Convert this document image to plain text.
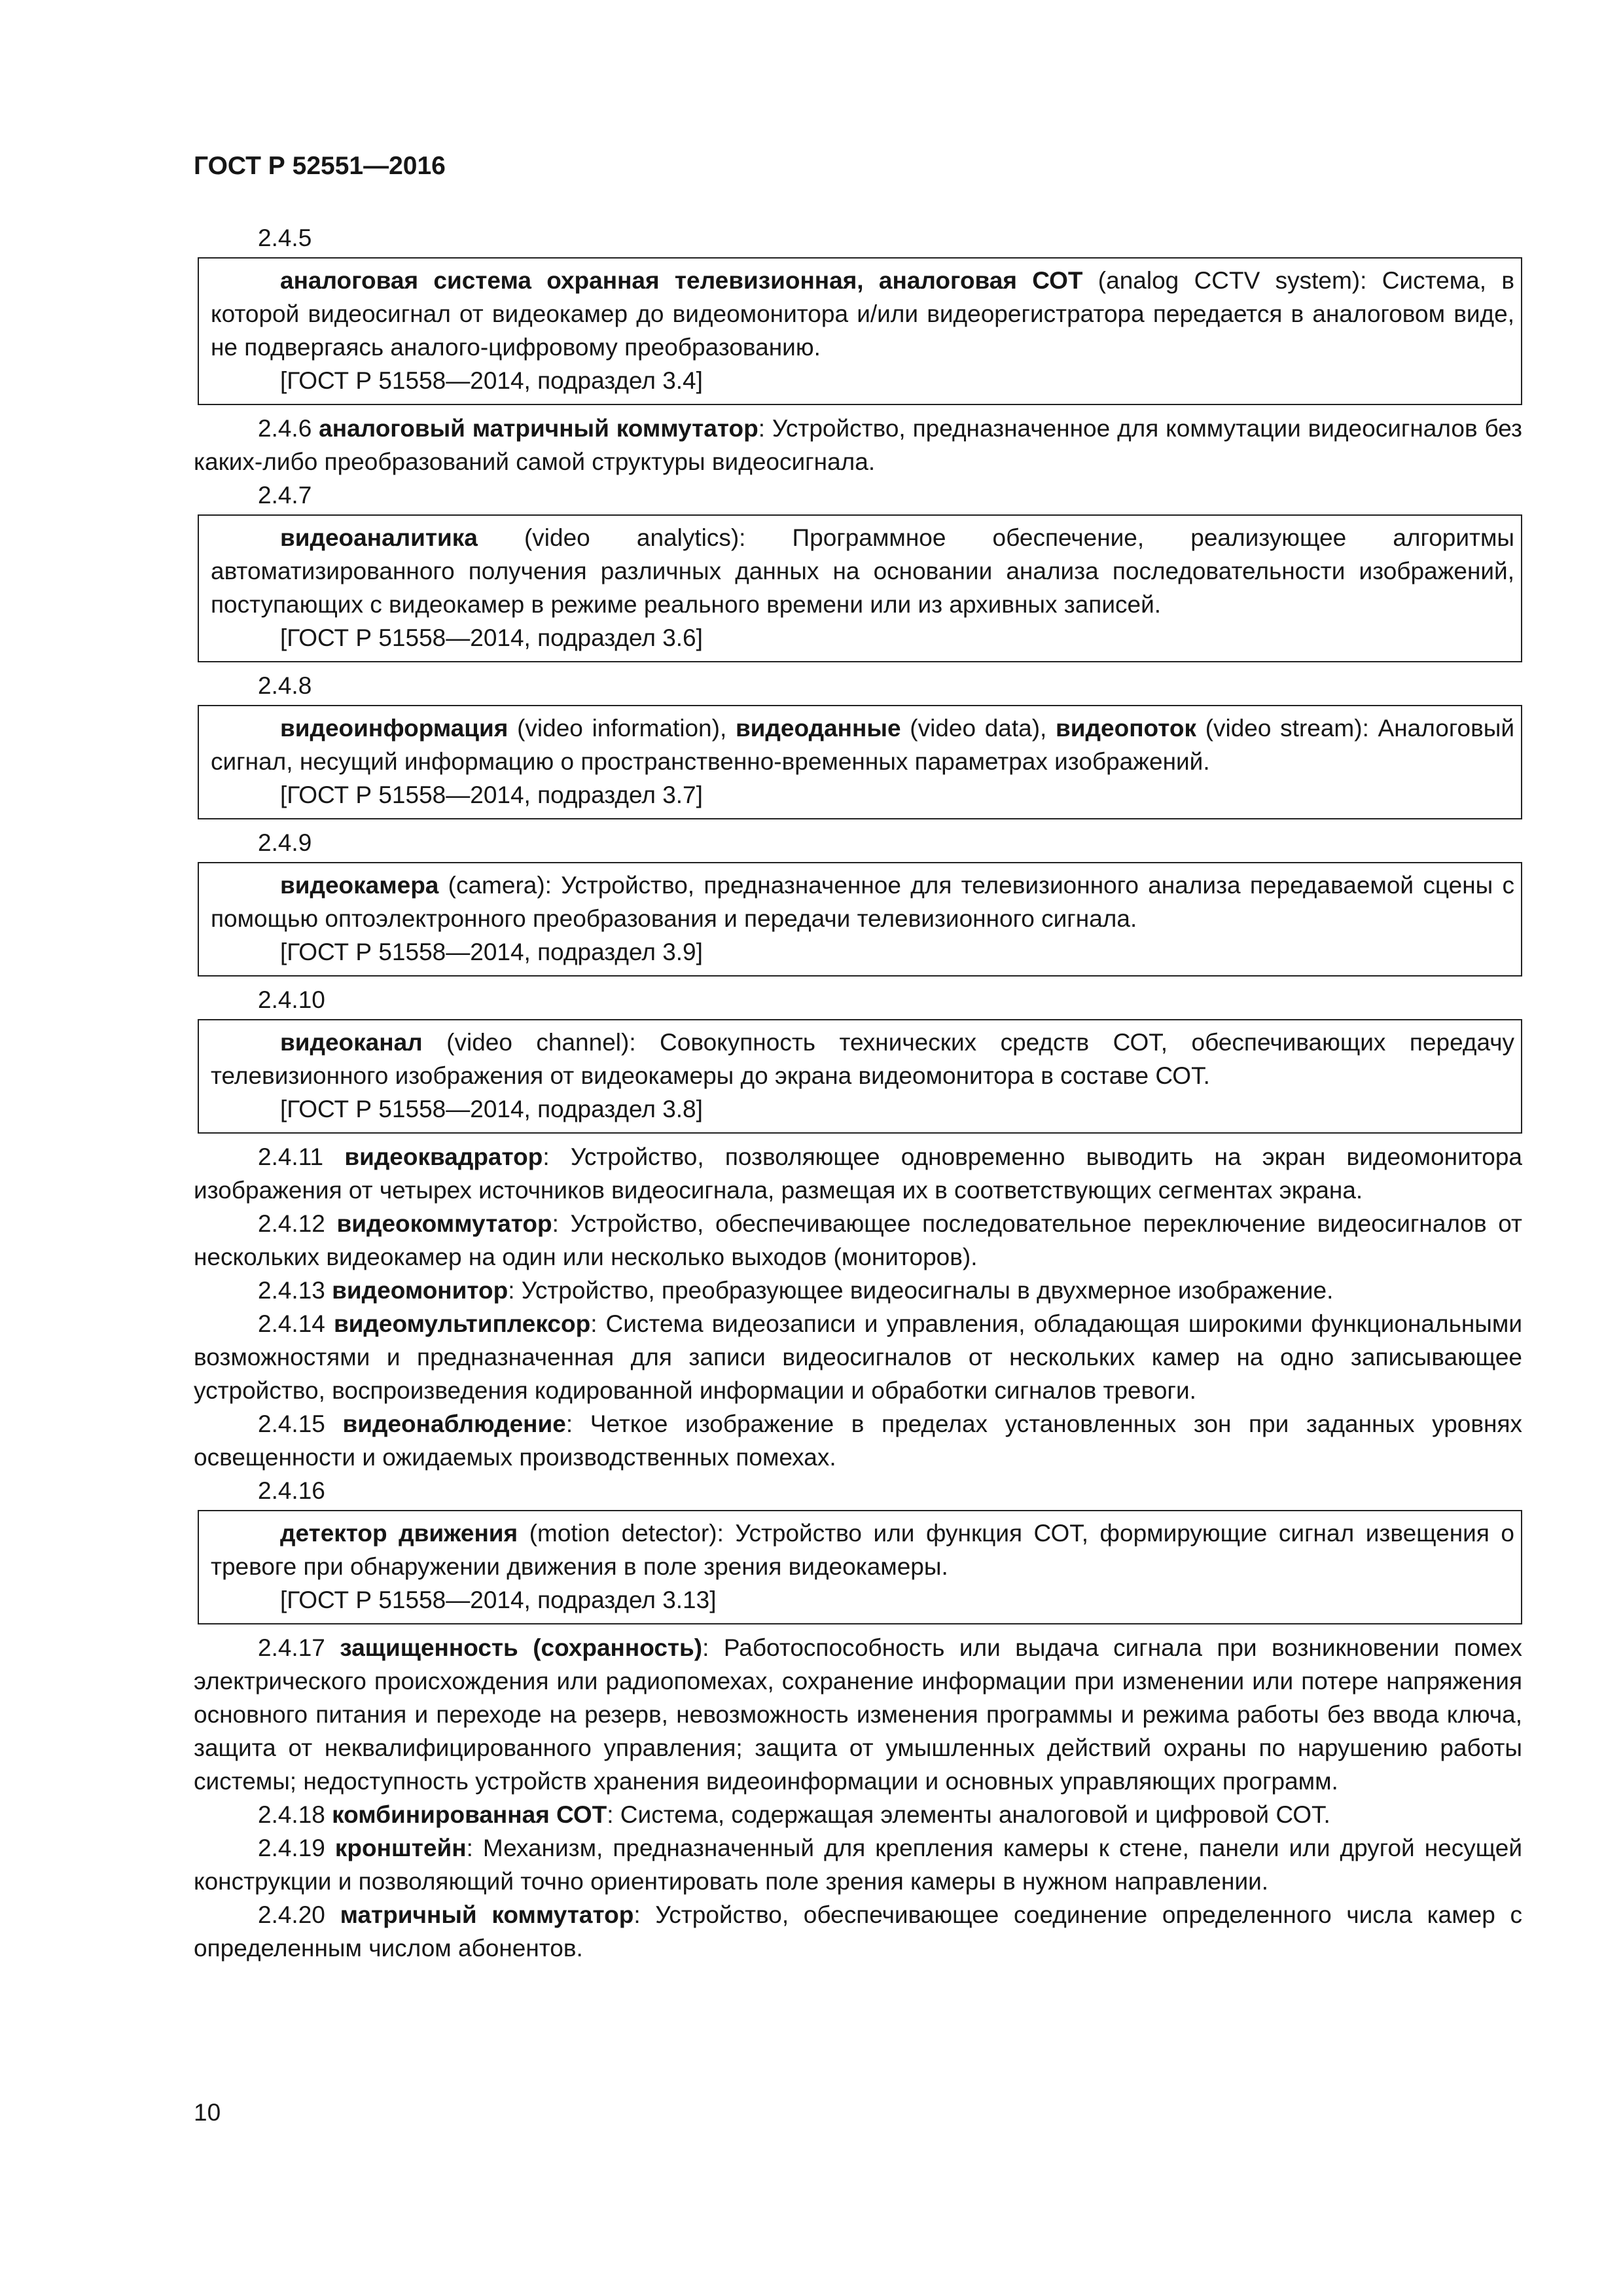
ГОСТ Р 52551—2016
2.4.5
аналоговая система охранная телевизионная, аналоговая СОТ (analog CCTV system): Система, в которой видеосигнал от видеокамер до видеомонитора и/или видеорегистратора передается в аналоговом виде, не подвергаясь аналого-цифровому преобразованию.
[ГОСТ Р 51558—2014, подраздел 3.4]
2.4.6 аналоговый матричный коммутатор: Устройство, предназначенное для коммутации видеосигналов без каких-либо преобразований самой структуры видеосигнала.
2.4.7
видеоаналитика (video analytics): Программное обеспечение, реализующее алгоритмы автоматизированного получения различных данных на основании анализа последовательности изображений, поступающих с видеокамер в режиме реального времени или из архивных записей.
[ГОСТ Р 51558—2014, подраздел 3.6]
2.4.8
видеоинформация (video information), видеоданные (video data), видеопоток (video stream): Аналоговый сигнал, несущий информацию о пространственно-временных параметрах изображений.
[ГОСТ Р 51558—2014, подраздел 3.7]
2.4.9
видеокамера (camera): Устройство, предназначенное для телевизионного анализа передаваемой сцены с помощью оптоэлектронного преобразования и передачи телевизионного сигнала.
[ГОСТ Р 51558—2014, подраздел 3.9]
2.4.10
видеоканал (video channel): Совокупность технических средств СОТ, обеспечивающих передачу телевизионного изображения от видеокамеры до экрана видеомонитора в составе СОТ.
[ГОСТ Р 51558—2014, подраздел 3.8]
2.4.11 видеоквадратор: Устройство, позволяющее одновременно выводить на экран видеомонитора изображения от четырех источников видеосигнала, размещая их в соответствующих сегментах экрана.
2.4.12 видеокоммутатор: Устройство, обеспечивающее последовательное переключение видеосигналов от нескольких видеокамер на один или несколько выходов (мониторов).
2.4.13 видеомонитор: Устройство, преобразующее видеосигналы в двухмерное изображение.
2.4.14 видеомультиплексор: Система видеозаписи и управления, обладающая широкими функциональными возможностями и предназначенная для записи видеосигналов от нескольких камер на одно записывающее устройство, воспроизведения кодированной информации и обработки сигналов тревоги.
2.4.15 видеонаблюдение: Четкое изображение в пределах установленных зон при заданных уровнях освещенности и ожидаемых производственных помехах.
2.4.16
детектор движения (motion detector): Устройство или функция СОТ, формирующие сигнал извещения о тревоге при обнаружении движения в поле зрения видеокамеры.
[ГОСТ Р 51558—2014, подраздел 3.13]
2.4.17 защищенность (сохранность): Работоспособность или выдача сигнала при возникновении помех электрического происхождения или радиопомехах, сохранение информации при изменении или потере напряжения основного питания и переходе на резерв, невозможность изменения программы и режима работы без ввода ключа, защита от неквалифицированного управления; защита от умышленных действий охраны по нарушению работы системы; недоступность устройств хранения видеоинформации и основных управляющих программ.
2.4.18 комбинированная СОТ: Система, содержащая элементы аналоговой и цифровой СОТ.
2.4.19 кронштейн: Механизм, предназначенный для крепления камеры к стене, панели или другой несущей конструкции и позволяющий точно ориентировать поле зрения камеры в нужном направлении.
2.4.20 матричный коммутатор: Устройство, обеспечивающее соединение определенного числа камер с определенным числом абонентов.
10
